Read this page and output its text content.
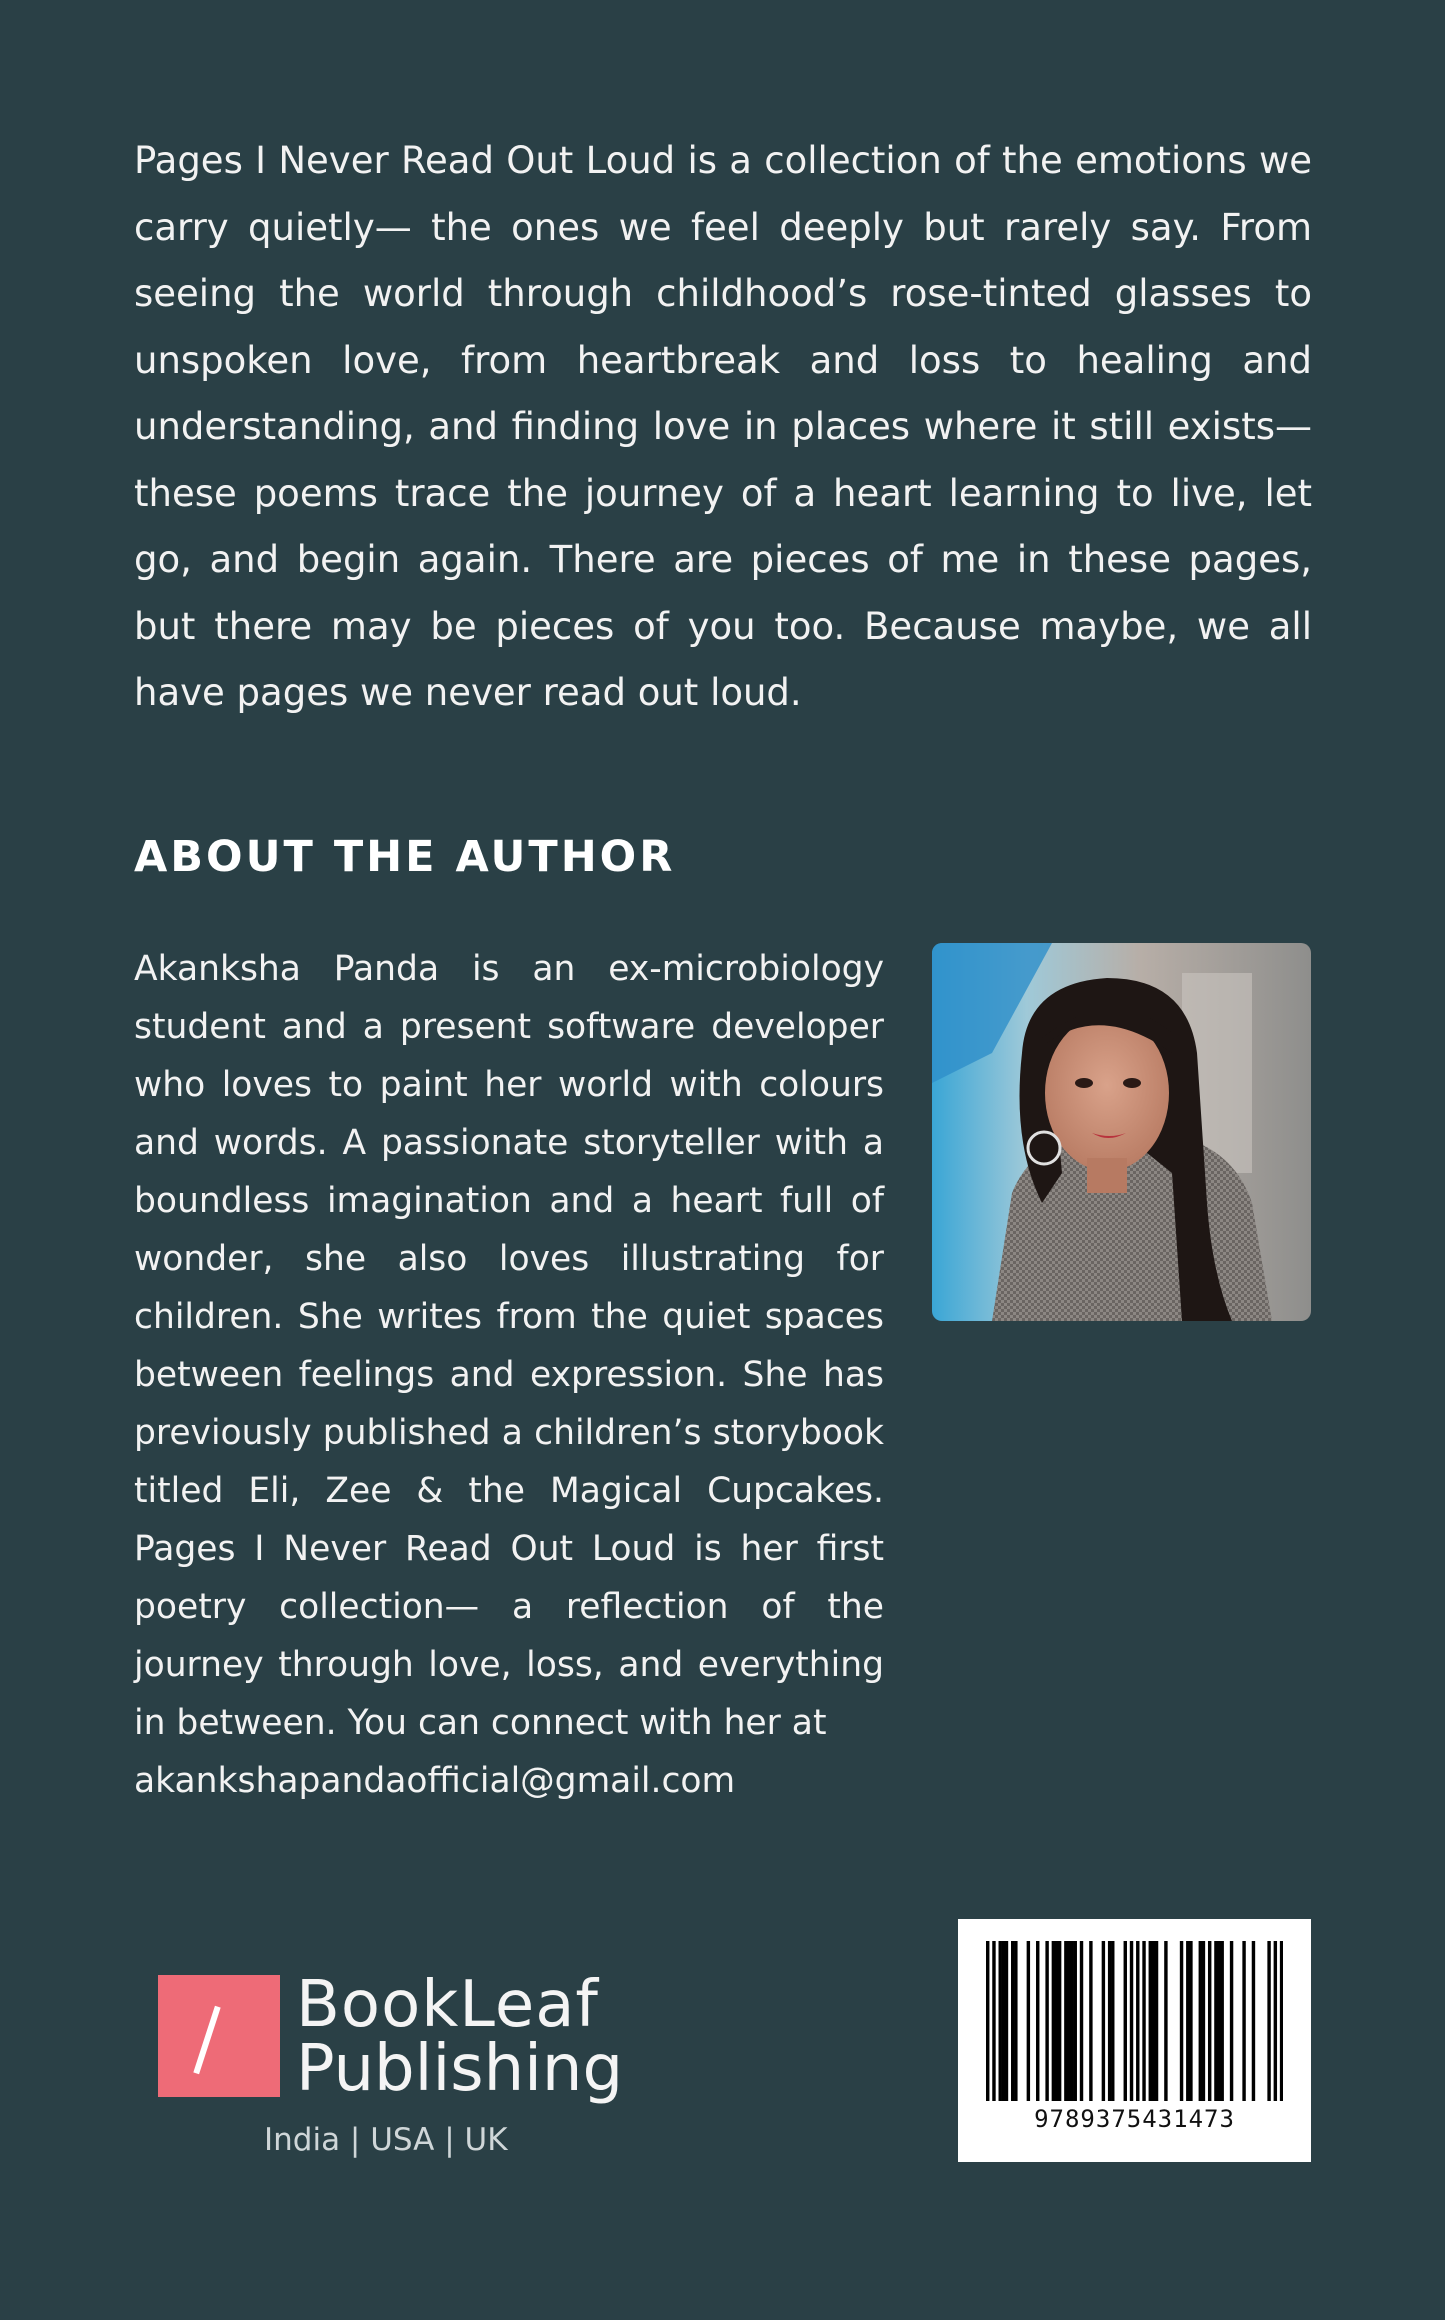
Pages I Never Read Out Loud is a collection of the emotions we carry quietly— the ones we feel deeply but rarely say. From seeing the world through childhood’s rose-tinted glasses to unspoken love, from heartbreak and loss to healing and understanding, and finding love in places where it still exists— these poems trace the journey of a heart learning to live, let go, and begin again. There are pieces of me in these pages, but there may be pieces of you too. Because maybe, we all have pages we never read out loud.

ABOUT THE AUTHOR

Akanksha Panda is an ex-microbiology student and a present software developer who loves to paint her world with colours and words. A passionate storyteller with a boundless imagination and a heart full of wonder, she also loves illustrating for children. She writes from the quiet spaces between feelings and expression. She has previously published a children’s storybook titled Eli, Zee & the Magical Cupcakes. Pages I Never Read Out Loud is her first poetry collection— a reflection of the journey through love, loss, and everything in between. You can connect with her at
akankshapandaofficial@gmail.com

BookLeaf
Publishing
India | USA | UK
9789375431473
